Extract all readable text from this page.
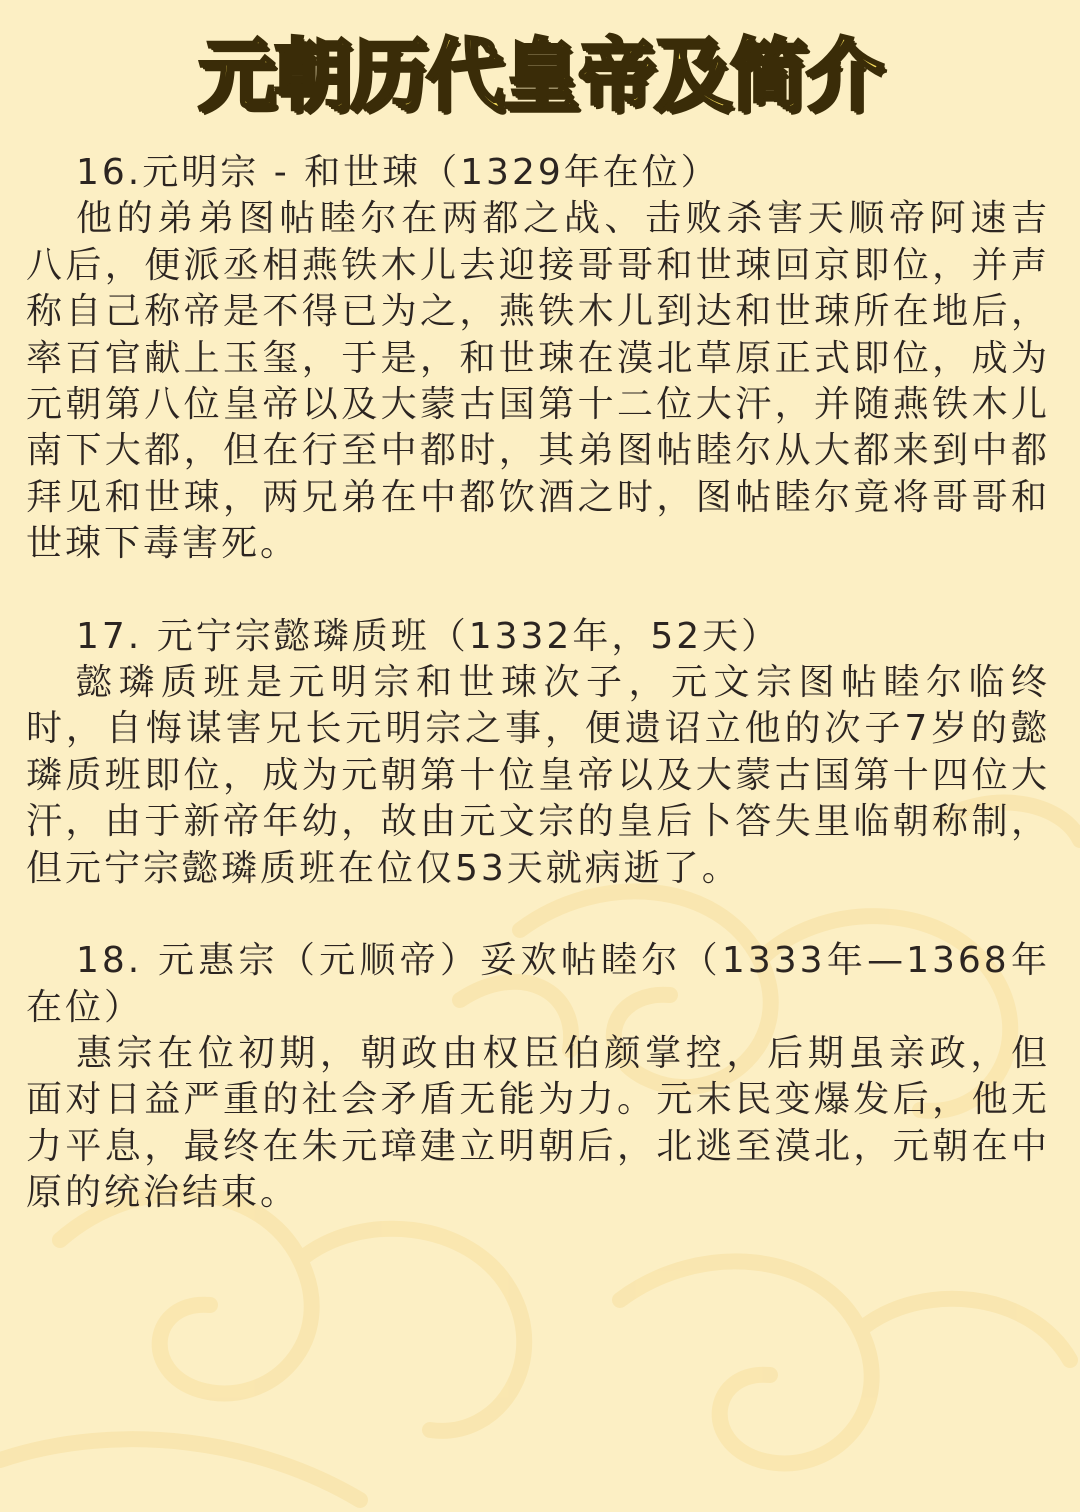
元朝历代皇帝及简介

16.元明宗 - 和世㻋（1329年在位）

他的弟弟图帖睦尔在两都之战、击败杀害天顺帝阿速吉八后，便派丞相燕铁木儿去迎接哥哥和世㻋回京即位，并声称自己称帝是不得已为之，燕铁木儿到达和世㻋所在地后，率百官献上玉玺，于是，和世㻋在漠北草原正式即位，成为元朝第八位皇帝以及大蒙古国第十二位大汗，并随燕铁木儿南下大都，但在行至中都时，其弟图帖睦尔从大都来到中都拜见和世㻋，两兄弟在中都饮酒之时，图帖睦尔竟将哥哥和世㻋下毒害死。

17. 元宁宗懿璘质班（1332年，52天）

懿璘质班是元明宗和世㻋次子，元文宗图帖睦尔临终时，自悔谋害兄长元明宗之事，便遗诏立他的次子7岁的懿璘质班即位，成为元朝第十位皇帝以及大蒙古国第十四位大汗，由于新帝年幼，故由元文宗的皇后卜答失里临朝称制，但元宁宗懿璘质班在位仅53天就病逝了。

18. 元惠宗（元顺帝）妥欢帖睦尔（1333年—1368年在位）

惠宗在位初期，朝政由权臣伯颜掌控，后期虽亲政，但面对日益严重的社会矛盾无能为力。元末民变爆发后，他无力平息，最终在朱元璋建立明朝后，北逃至漠北，元朝在中原的统治结束。
